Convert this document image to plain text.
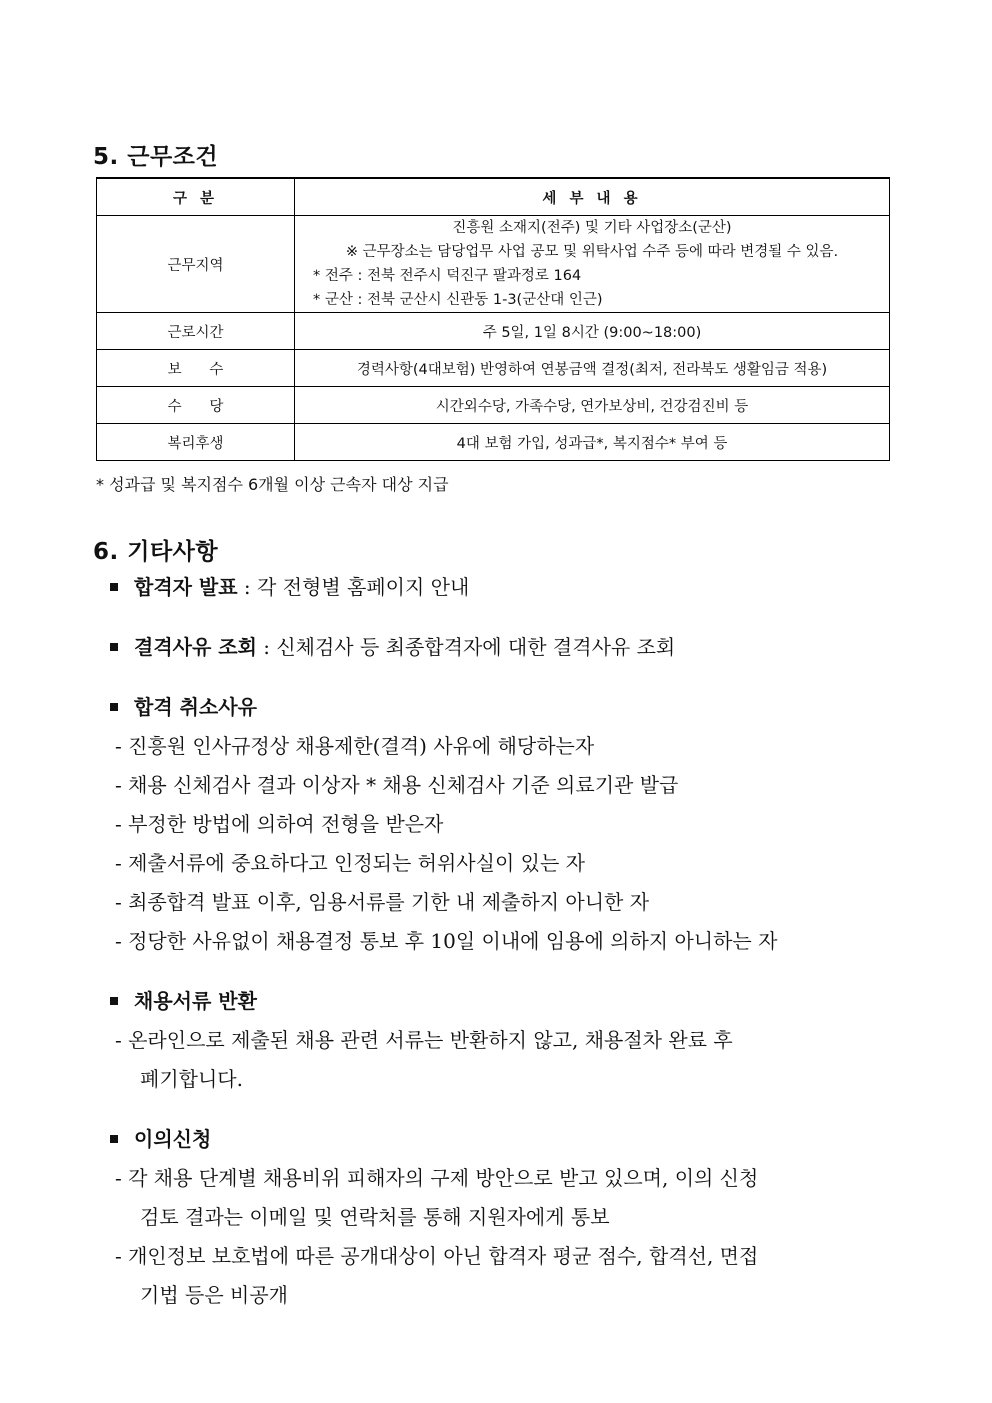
5. 근무조건
구 분	세 부 내 용
근무지역	진흥원 소재지(전주) 및 기타 사업장소(군산)
※ 근무장소는 담당업무 사업 공모 및 위탁사업 수주 등에 따라 변경될 수 있음.
* 전주 : 전북 전주시 덕진구 팔과정로 164
* 군산 : 전북 군산시 신관동 1-3(군산대 인근)

근로시간	주 5일, 1일 8시간 (9:00~18:00)
보      수	경력사항(4대보험) 반영하여 연봉금액 결정(최저, 전라북도 생활임금 적용)
수      당	시간외수당, 가족수당, 연가보상비, 건강검진비 등
복리후생	4대 보험 가입, 성과급*, 복지점수* 부여 등

* 성과급 및 복지점수 6개월 이상 근속자 대상 지급

6. 기타사항

합격자 발표 : 각 전형별 홈페이지 안내

결격사유 조회 : 신체검사 등 최종합격자에 대한 결격사유 조회

합격 취소사유

- 진흥원 인사규정상 채용제한(결격) 사유에 해당하는자

- 채용 신체검사 결과 이상자 * 채용 신체검사 기준 의료기관 발급

- 부정한 방법에 의하여 전형을 받은자

- 제출서류에 중요하다고 인정되는 허위사실이 있는 자

- 최종합격 발표 이후, 임용서류를 기한 내 제출하지 아니한 자

- 정당한 사유없이 채용결정 통보 후 10일 이내에 임용에 의하지 아니하는 자

채용서류 반환

- 온라인으로 제출된 채용 관련 서류는 반환하지 않고, 채용절차 완료 후

폐기합니다.

이의신청

- 각 채용 단계별 채용비위 피해자의 구제 방안으로 받고 있으며, 이의 신청

검토 결과는 이메일 및 연락처를 통해 지원자에게 통보

- 개인정보 보호법에 따른 공개대상이 아닌 합격자 평균 점수, 합격선, 면접

기법 등은 비공개
